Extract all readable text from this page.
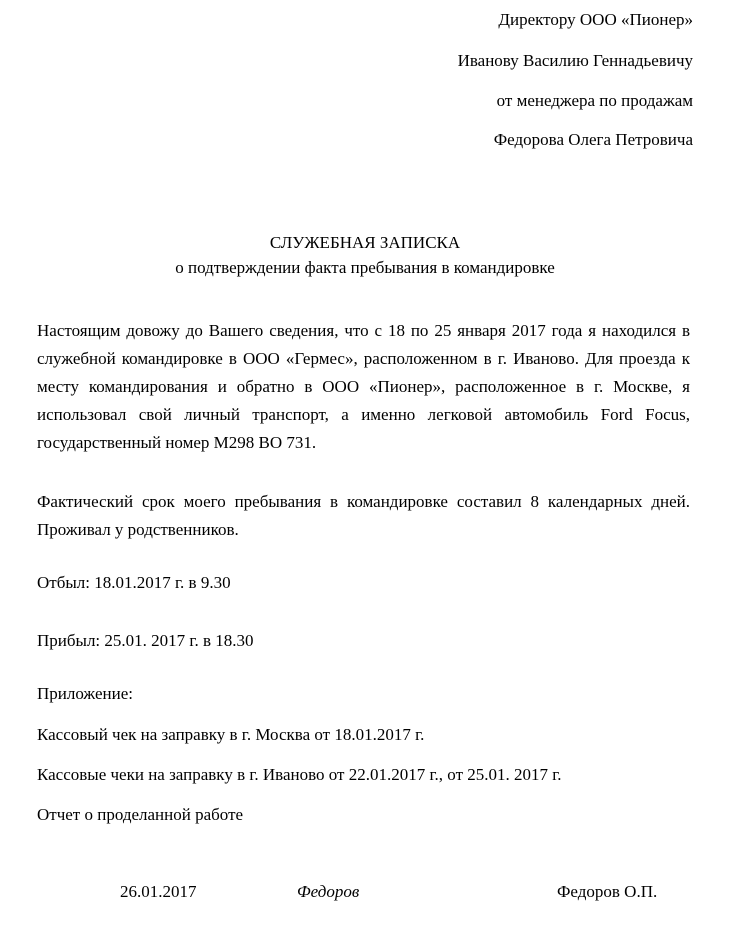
Директору ООО «Пионер»
Иванову Василию Геннадьевичу
от менеджера по продажам
Федорова Олега Петровича
СЛУЖЕБНАЯ ЗАПИСКА
о подтверждении факта пребывания в командировке
Настоящим довожу до Вашего сведения, что с 18 по 25 января 2017 года я находился в служебной командировке в ООО «Гермес», расположенном в г. Иваново. Для проезда к месту командирования и обратно в ООО «Пионер», расположенное в г. Москве, я использовал свой личный транспорт, а именно легковой автомобиль Ford Focus, государственный номер М298 ВО 731.
Фактический срок моего пребывания в командировке составил 8 календарных дней. Проживал у родственников.
Отбыл: 18.01.2017 г. в 9.30
Прибыл: 25.01. 2017 г. в 18.30
Приложение:
Кассовый чек на заправку в г. Москва от 18.01.2017 г.
Кассовые чеки на заправку в г. Иваново от 22.01.2017 г., от 25.01. 2017 г.
Отчет о проделанной работе
26.01.2017	Федоров	Федоров О.П.
